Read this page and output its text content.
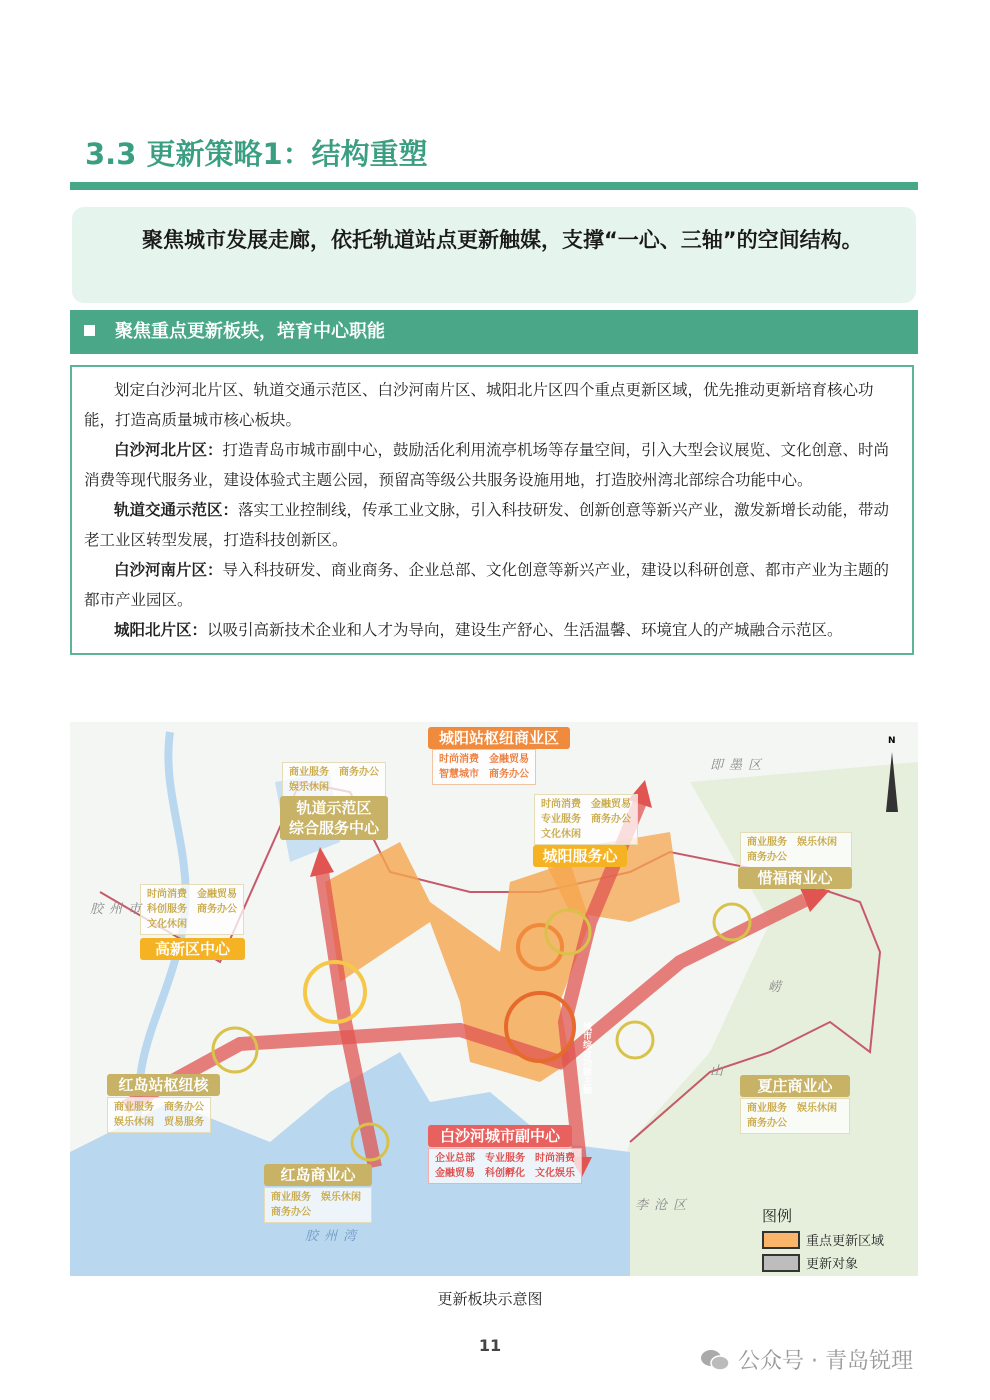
3.3 更新策略1：结构重塑
聚焦城市发展走廊，依托轨道站点更新触媒，支撑“一心、三轴”的空间结构。
聚焦重点更新板块，培育中心职能

划定白沙河北片区、轨道交通示范区、白沙河南片区、城阳北片区四个重点更新区域，优先推动更新培育核心功能，打造高质量城市核心板块。

白沙河北片区：打造青岛市城市副中心，鼓励活化利用流亭机场等存量空间，引入大型会议展览、文化创意、时尚消费等现代服务业，建设体验式主题公园，预留高等级公共服务设施用地，打造胶州湾北部综合功能中心。

轨道交通示范区：落实工业控制线，传承工业文脉，引入科技研发、创新创意等新兴产业，激发新增长动能，带动老工业区转型发展，打造科技创新区。

白沙河南片区：导入科技研发、商业商务、企业总部、文化创意等新兴产业，建设以科研创意、都市产业为主题的都市产业园区。

城阳北片区：以吸引高新技术企业和人才为导向，建设生产舒心、生活温馨、环境宜人的产城融合示范区。

城阳站枢纽商业区
时尚消费　金融贸易
智慧城市　商务办公
商业服务　商务办公
娱乐休闲
轨道示范区
综合服务中心
时尚消费　金融贸易
专业服务　商务办公
文化休闲
城阳服务心
商业服务　娱乐休闲
商务办公
惜福商业心
时尚消费　金融贸易
科创服务　商务办公
文化休闲
高新区中心
红岛站枢纽核
商业服务　商务办公
娱乐休闲　贸易服务
红岛商业心
商业服务　娱乐休闲
商务办公
白沙河城市副中心
企业总部　专业服务　时尚消费
金融贸易　科创孵化　文化娱乐
夏庄商业心
商业服务　娱乐休闲
商务办公
即墨区
胶州市
李沧区
胶州湾
山
崂
城市综合功能主轴
N
图例
重点更新区域
更新对象
更新板块示意图
11
公众号 · 青岛锐理
